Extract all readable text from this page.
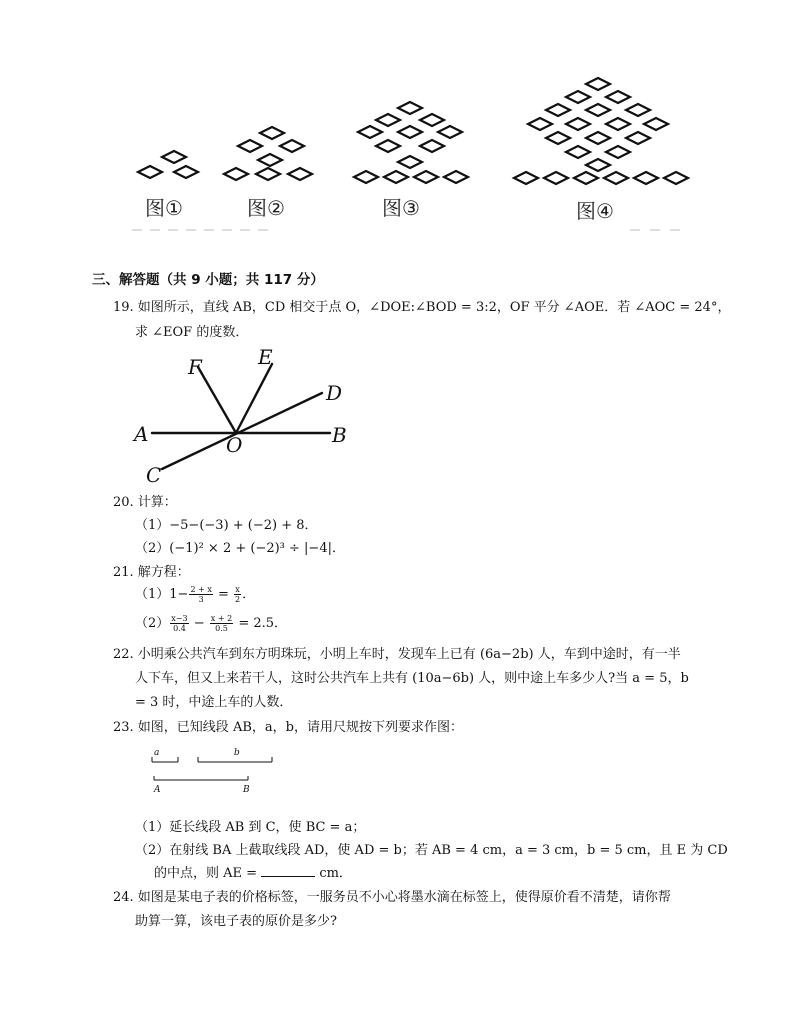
图①	图②	图③	图④
三、解答题（共 9 小题；共 117 分）
19. 如图所示，直线 AB，CD 相交于点 O，∠DOE:∠BOD = 3:2，OF 平分 ∠AOE．若 ∠AOC = 24°，
求 ∠EOF 的度数．
F	E
D
A	O	B
C
20. 计算：
（1）−5−(−3) + (−2) + 8．
（2）(−1)² × 2 + (−2)³ ÷ |−4|．
21. 解方程：
$(1)1- \frac{2 + x}{3} = \frac{x}{2}$ ．
$(2) \frac{x-3}{0.4} - \frac{x + 2}{0.5} = 2.5$．
22. 小明乘公共汽车到东方明珠玩，小明上车时，发现车上已有 (6a−2b) 人，车到中途时，有一半
人下车，但又上来若干人，这时公共汽车上共有 (10a−6b) 人，则中途上车多少人?当 a = 5，b
= 3 时，中途上车的人数．
23. 如图，已知线段 AB，a，b，请用尺规按下列要求作图：
a	b
A	B
（1）延长线段 AB 到 C，使 BC = a；
（2）在射线 BA 上截取线段 AD，使 AD = b；若 AB = 4 cm，a = 3 cm，b = 5 cm，且 E 为 CD
的中点，则 AE =	cm．
24. 如图是某电子表的价格标签，一服务员不小心将墨水滴在标签上，使得原价看不清楚，请你帮
助算一算，该电子表的原价是多少?
